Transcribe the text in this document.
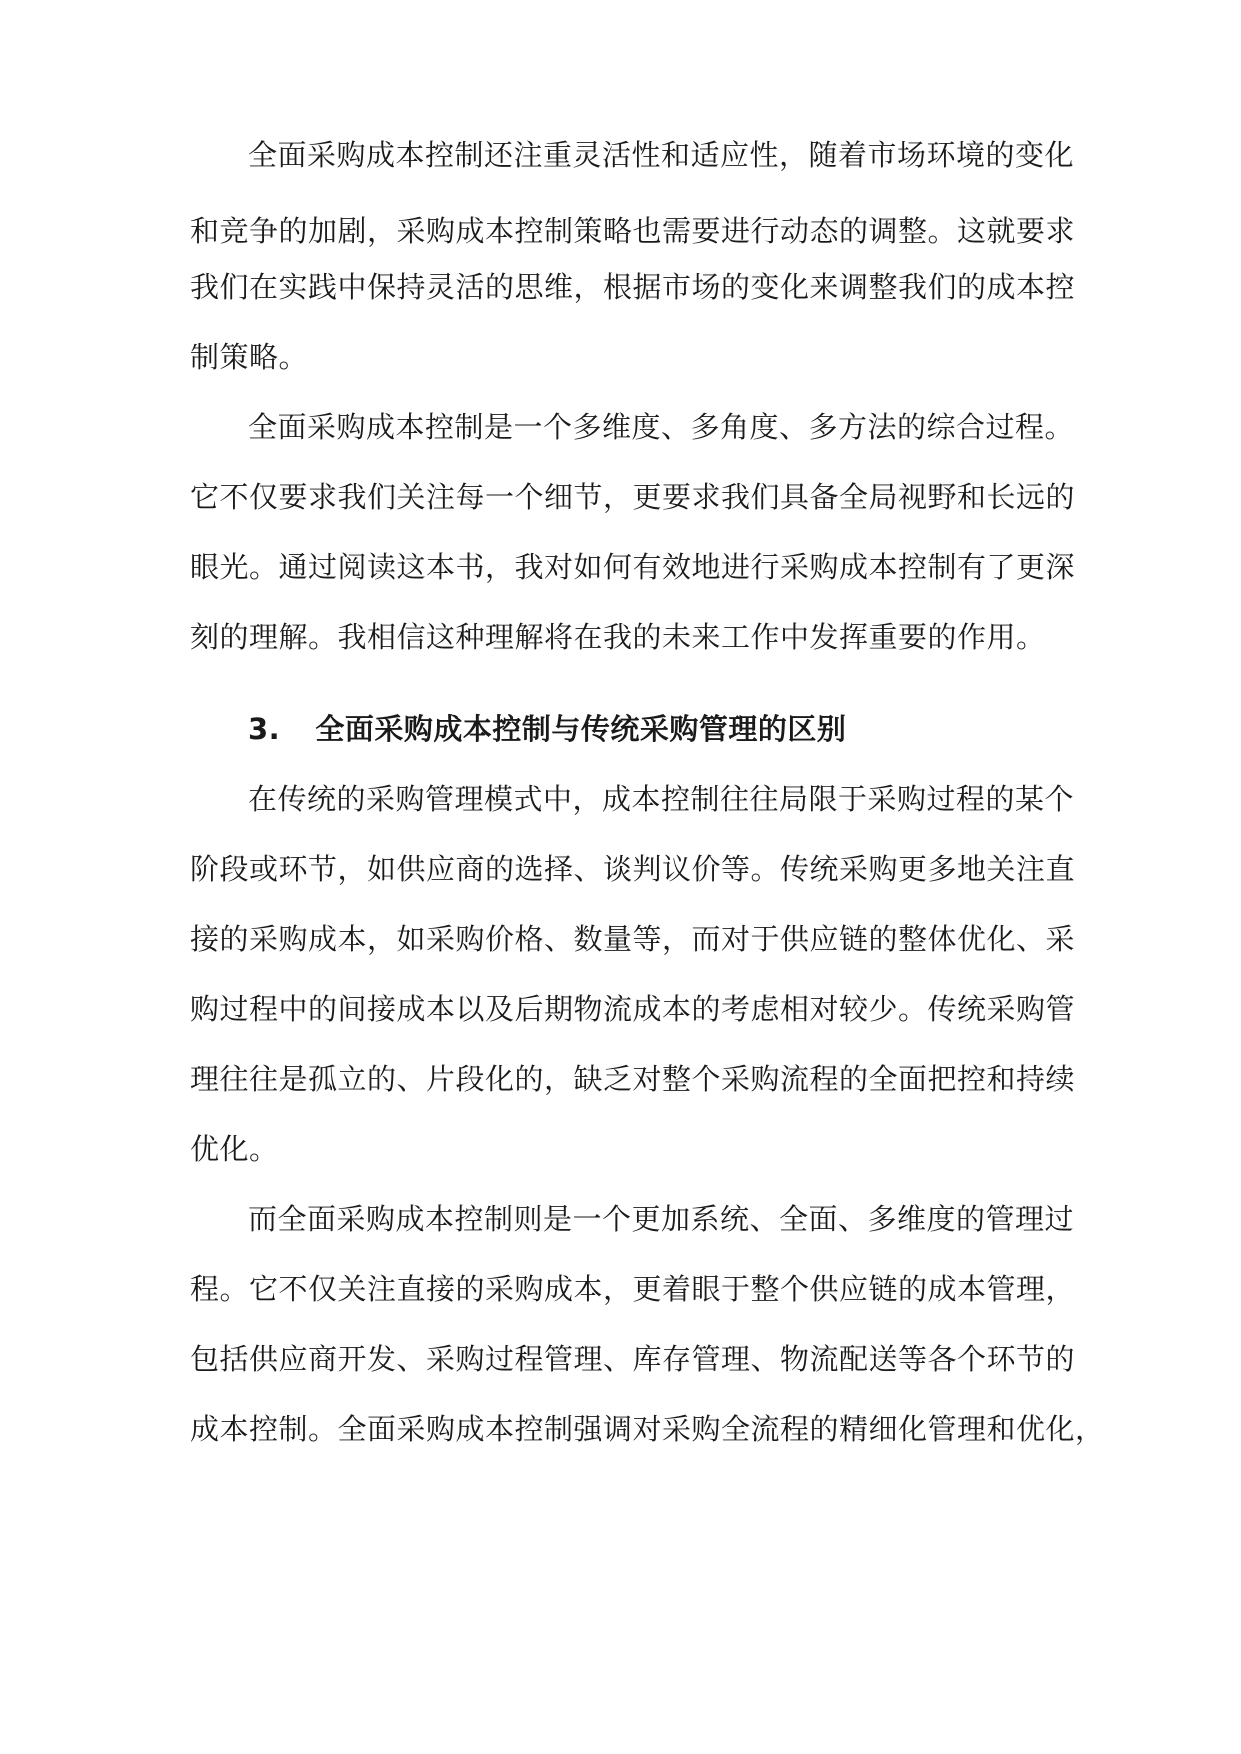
全面采购成本控制还注重灵活性和适应性，随着市场环境的变化
和竞争的加剧，采购成本控制策略也需要进行动态的调整。这就要求
我们在实践中保持灵活的思维，根据市场的变化来调整我们的成本控
制策略。
全面采购成本控制是一个多维度、多角度、多方法的综合过程。
它不仅要求我们关注每一个细节，更要求我们具备全局视野和长远的
眼光。通过阅读这本书，我对如何有效地进行采购成本控制有了更深
刻的理解。我相信这种理解将在我的未来工作中发挥重要的作用。
3. 全面采购成本控制与传统采购管理的区别
在传统的采购管理模式中，成本控制往往局限于采购过程的某个
阶段或环节，如供应商的选择、谈判议价等。传统采购更多地关注直
接的采购成本，如采购价格、数量等，而对于供应链的整体优化、采
购过程中的间接成本以及后期物流成本的考虑相对较少。传统采购管
理往往是孤立的、片段化的，缺乏对整个采购流程的全面把控和持续
优化。
而全面采购成本控制则是一个更加系统、全面、多维度的管理过
程。它不仅关注直接的采购成本，更着眼于整个供应链的成本管理，
包括供应商开发、采购过程管理、库存管理、物流配送等各个环节的
成本控制。全面采购成本控制强调对采购全流程的精细化管理和优化，
